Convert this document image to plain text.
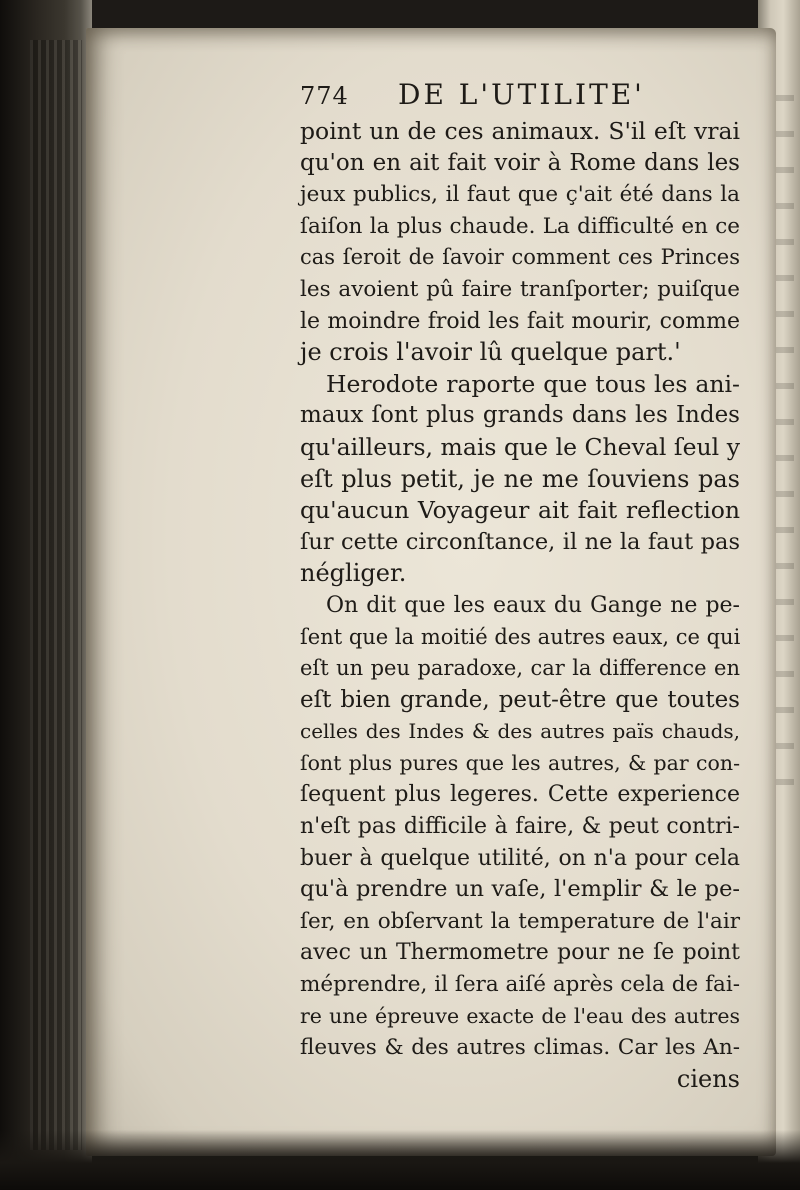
774 DE L'UTILITE'
point un de ces animaux. S'il eſt vrai
qu'on en ait fait voir à Rome dans les
jeux publics, il faut que ç'ait été dans la
ſaiſon la plus chaude. La difficulté en ce
cas ſeroit de ſavoir comment ces Princes
les avoient pû faire tranſporter; puiſque
le moindre froid les fait mourir, comme
je crois l'avoir lû quelque part.'
Herodote raporte que tous les ani-
maux ſont plus grands dans les Indes
qu'ailleurs, mais que le Cheval ſeul y
eſt plus petit, je ne me ſouviens pas
qu'aucun Voyageur ait fait reflection
ſur cette circonſtance, il ne la faut pas
négliger.
On dit que les eaux du Gange ne pe-
ſent que la moitié des autres eaux, ce qui
eſt un peu paradoxe, car la difference en
eſt bien grande, peut-être que toutes
celles des Indes & des autres païs chauds,
ſont plus pures que les autres, & par con-
ſequent plus legeres. Cette experience
n'eſt pas difficile à faire, & peut contri-
buer à quelque utilité, on n'a pour cela
qu'à prendre un vaſe, l'emplir & le pe-
ſer, en obſervant la temperature de l'air
avec un Thermometre pour ne ſe point
méprendre, il ſera aiſé après cela de fai-
re une épreuve exacte de l'eau des autres
fleuves & des autres climas. Car les An-
ciens
